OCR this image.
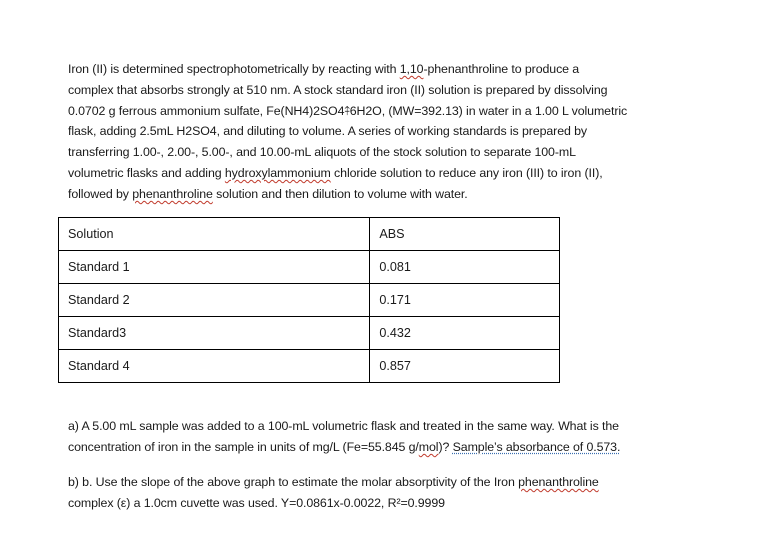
Iron (II) is determined spectrophotometrically by reacting with 1,10-phenanthroline to produce a

complex that absorbs strongly at 510 nm. A stock standard iron (II) solution is prepared by dissolving

0.0702 g ferrous ammonium sulfate, Fe(NH4)2SO4⤉6H2O, (MW=392.13) in water in a 1.00 L volumetric

flask, adding 2.5mL H2SO4, and diluting to volume. A series of working standards is prepared by

transferring 1.00-, 2.00-, 5.00-, and 10.00-mL aliquots of the stock solution to separate 100-mL

volumetric flasks and adding hydroxylammonium chloride solution to reduce any iron (III) to iron (II),

followed by phenanthroline solution and then dilution to volume with water.

Solution	ABS
Standard 1	0.081
Standard 2	0.171
Standard3	0.432
Standard 4	0.857

a) A 5.00 mL sample was added to a 100-mL volumetric flask and treated in the same way. What is the

concentration of iron in the sample in units of mg/L (Fe=55.845 g/mol)? Sample’s absorbance of 0.573.

b) b. Use the slope of the above graph to estimate the molar absorptivity of the Iron phenanthroline

complex (ε) a 1.0cm cuvette was used. Y=0.0861x-0.0022, R²=0.9999
